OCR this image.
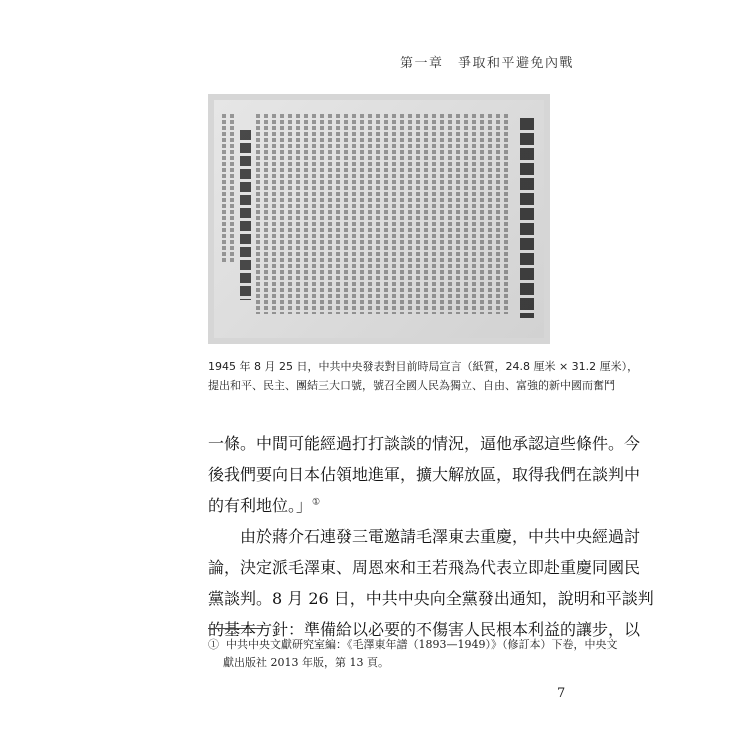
第一章　爭取和平避免內戰
1945 年 8 月 25 日，中共中央發表對目前時局宣言（紙質，24.8 厘米 × 31.2 厘米），
提出和平、民主、團結三大口號，號召全國人民為獨立、自由、富強的新中國而奮鬥
一條。中間可能經過打打談談的情況，逼他承認這些條件。今
後我們要向日本佔領地進軍，擴大解放區，取得我們在談判中
的有利地位。」①
由於蔣介石連發三電邀請毛澤東去重慶，中共中央經過討
論，決定派毛澤東、周恩來和王若飛為代表立即赴重慶同國民
黨談判。8 月 26 日，中共中央向全黨發出通知，說明和平談判
的基本方針：準備給以必要的不傷害人民根本利益的讓步，以
① 中共中央文獻研究室編：《毛澤東年譜（1893—1949）》（修訂本）下卷，中央文
獻出版社 2013 年版，第 13 頁。
7
